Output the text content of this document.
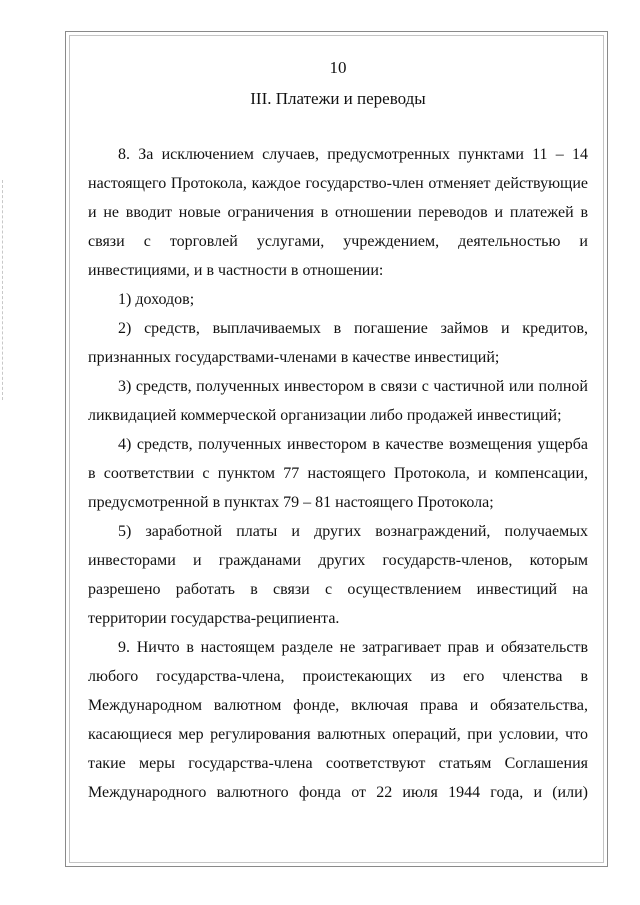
10
III. Платежи и переводы

8. За исключением случаев, предусмотренных пунктами 11 – 14 настоящего Протокола, каждое государство-член отменяет действующие и не вводит новые ограничения в отношении переводов и платежей в связи с торговлей услугами, учреждением, деятельностью и инвестициями, и в частности в отношении:

1) доходов;

2) средств, выплачиваемых в погашение займов и кредитов, признанных государствами-членами в качестве инвестиций;

3) средств, полученных инвестором в связи с частичной или полной ликвидацией коммерческой организации либо продажей инвестиций;

4) средств, полученных инвестором в качестве возмещения ущерба в соответствии с пунктом 77 настоящего Протокола, и компенсации, предусмотренной в пунктах 79 – 81 настоящего Протокола;

5) заработной платы и других вознаграждений, получаемых инвесторами и гражданами других государств-членов, которым разрешено работать в связи с осуществлением инвестиций на территории государства-реципиента.

9. Ничто в настоящем разделе не затрагивает прав и обязательств любого государства-члена, проистекающих из его членства в Международном валютном фонде, включая права и обязательства, касающиеся мер регулирования валютных операций, при условии, что такие меры государства-члена соответствуют статьям Соглашения Международного валютного фонда от 22 июля 1944 года, и (или)
